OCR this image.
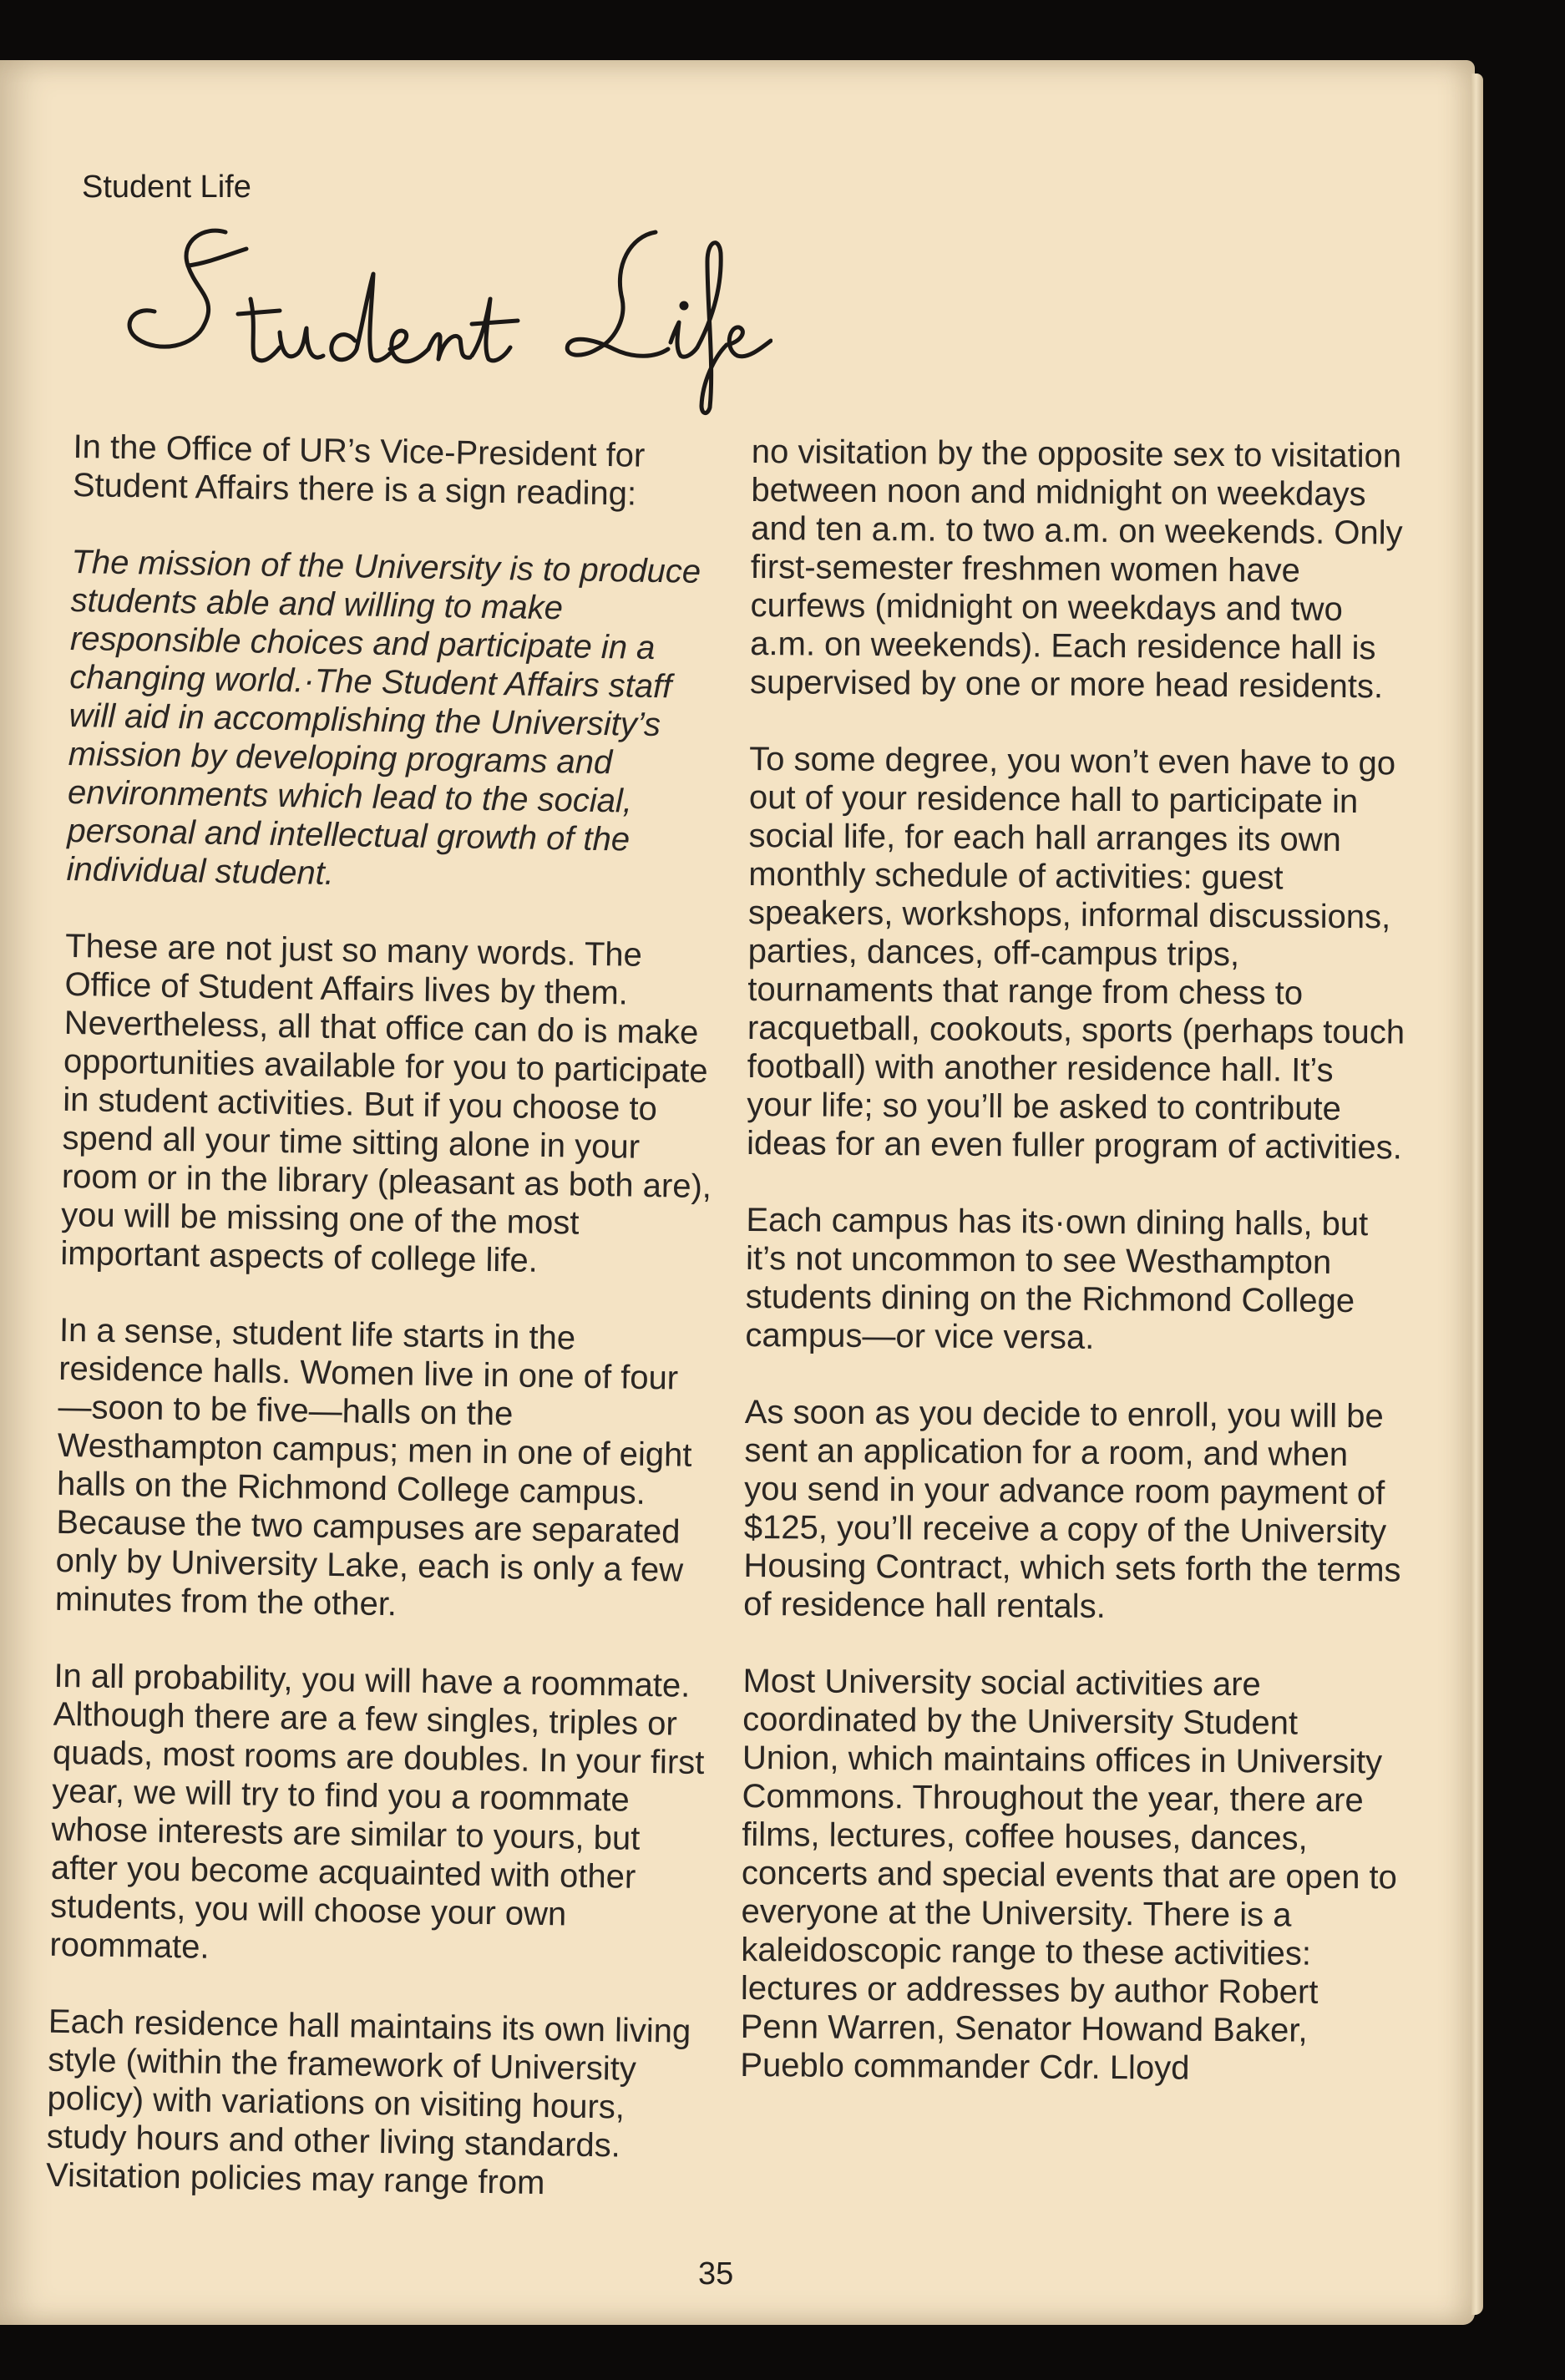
Student Life

In the Office of UR’s Vice-President for Student Affairs there is a sign reading:

The mission of the University is to produce students able and willing to make responsible choices and participate in a changing world.·The Student Affairs staff will aid in accomplishing the University’s mission by developing programs and environments which lead to the social, personal and intellectual growth of the individual student.

These are not just so many words. The Office of Student Affairs lives by them. Nevertheless, all that office can do is make opportunities available for you to participate in student activities. But if you choose to spend all your time sitting alone in your room or in the library (pleasant as both are), you will be missing one of the most important aspects of college life.

In a sense, student life starts in the residence halls. Women live in one of four —soon to be five—halls on the Westhampton campus; men in one of eight halls on the Richmond College campus. Because the two campuses are separated only by University Lake, each is only a few minutes from the other.

In all probability, you will have a roommate. Although there are a few singles, triples or quads, most rooms are doubles. In your first year, we will try to find you a roommate whose interests are similar to yours, but after you become acquainted with other students, you will choose your own roommate.

Each residence hall maintains its own living style (within the framework of University policy) with variations on visiting hours, study hours and other living standards. Visitation policies may range from

no visitation by the opposite sex to visitation between noon and midnight on weekdays and ten a.m. to two a.m. on weekends. Only first-semester freshmen women have curfews (midnight on weekdays and two a.m. on weekends). Each residence hall is supervised by one or more head residents.

To some degree, you won’t even have to go out of your residence hall to participate in social life, for each hall arranges its own monthly schedule of activities: guest speakers, workshops, informal discussions, parties, dances, off-campus trips, tournaments that range from chess to racquetball, cookouts, sports (perhaps touch football) with another residence hall. It’s your life; so you’ll be asked to contribute ideas for an even fuller program of activities.

Each campus has its·own dining halls, but it’s not uncommon to see Westhampton students dining on the Richmond College campus—or vice versa.

As soon as you decide to enroll, you will be sent an application for a room, and when you send in your advance room payment of $125, you’ll receive a copy of the University Housing Contract, which sets forth the terms of residence hall rentals.

Most University social activities are coordinated by the University Student Union, which maintains offices in University Commons. Throughout the year, there are films, lectures, coffee houses, dances, concerts and special events that are open to everyone at the University. There is a kaleidoscopic range to these activities: lectures or addresses by author Robert Penn Warren, Senator Howand Baker, Pueblo commander Cdr. Lloyd

35
